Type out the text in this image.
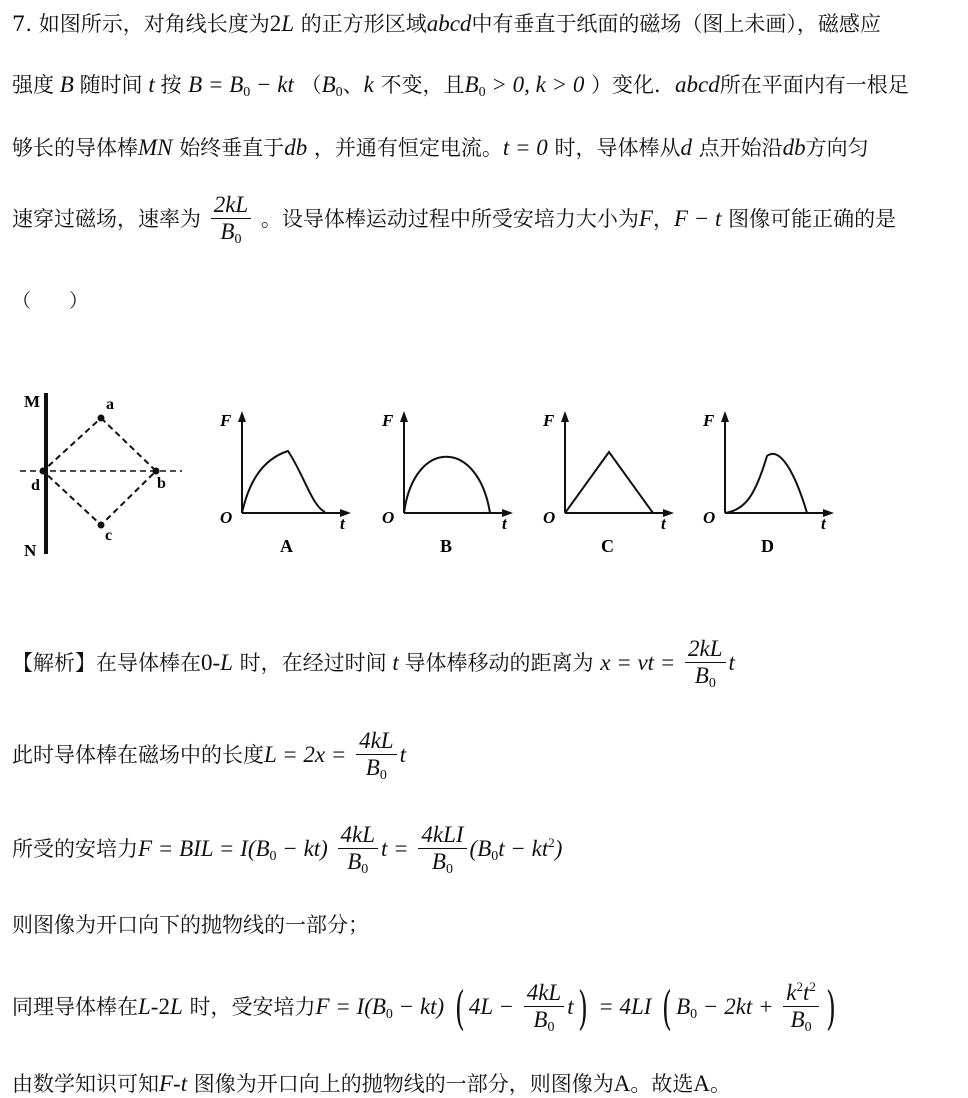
7. 如图所示，对角线长度为2L 的正方形区域abcd中有垂直于纸面的磁场（图上未画），磁感应
强度 B 随时间 t 按 $B = B_0$ − kt （$B_0$、k 不变，且$B_0 > 0$, k > 0 ）变化．abcd所在平面内有一根足
够长的导体棒MN 始终垂直于db ，并通有恒定电流。t = 0 时，导体棒从d 点开始沿db方向匀
速穿过磁场，速率为 $\frac{2kL}{B_0}$ 。设导体棒运动过程中所受安培力大小为F，F − t 图像可能正确的是
（　　）
M	a
d	b
c
N
F
O	t
A
F
O	t
B
F
O	t
C
F
O	t
D
【解析】在导体棒在0-L 时，在经过时间 t 导体棒移动的距离为 x = vt = $\frac{2kL}{B_0}$ t
此时导体棒在磁场中的长度$L = 2x = \frac{4kL}{B_0}$ t
所受的安培力F = BIL = $I(B_0 - kt) \frac{4kL}{B_0}$ $t = \frac{\text{4kLI}}{B_0} (B_0t - kt^2)$
则图像为开口向下的抛物线的一部分；
同理导体棒在L-2L 时，受安培力$F = I(B_0 - kt)$ ( $4L - \frac{4kL}{B_0} t) = 4LI$ ( $B_0 - 2kt + \frac{k^2t^2}{B_0}$ )
由数学知识可知F-t 图像为开口向上的抛物线的一部分，则图像为A。故选A。
